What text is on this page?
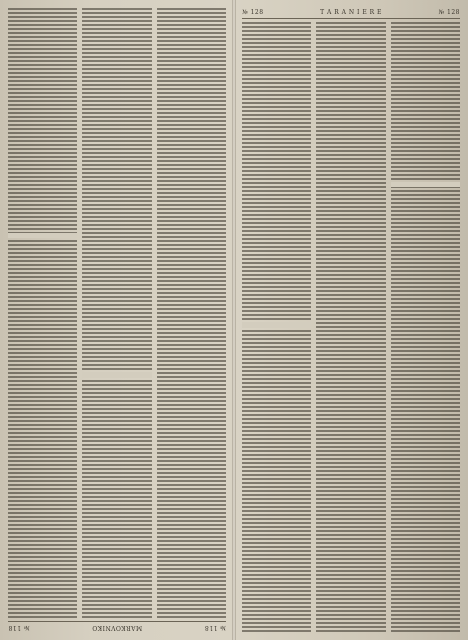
№ 118
MARKOVNIKO
№ 118
№ 128	T A R A N I E R E	№ 128
